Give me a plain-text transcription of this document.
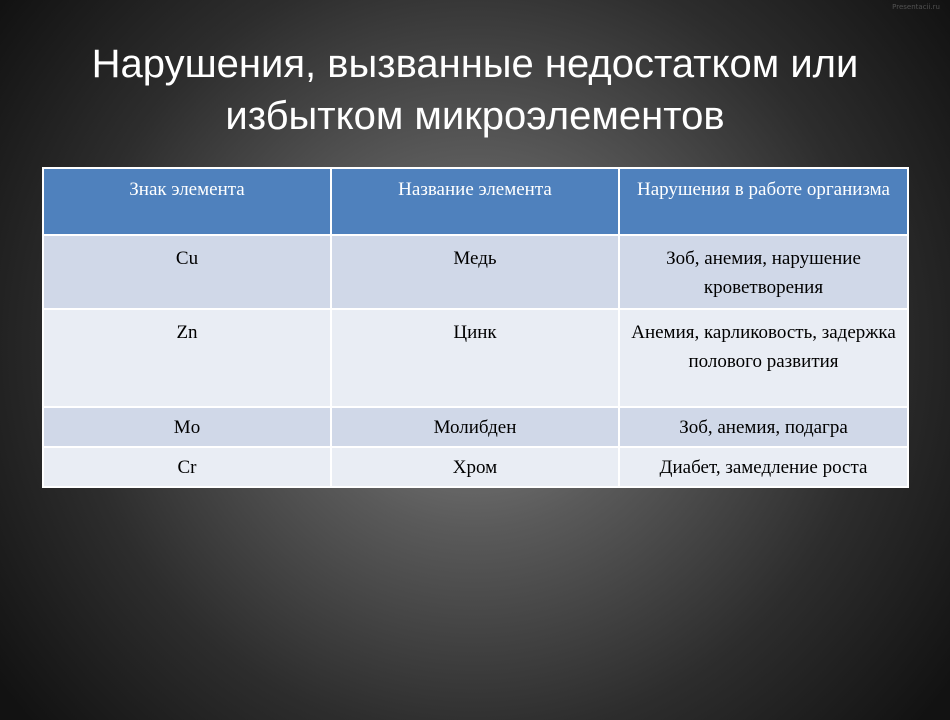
Presentacii.ru
Нарушения, вызванные недостатком или
избытком микроэлементов
Знак элемента	Название элемента	Нарушения в работе организма
Cu	Медь	Зоб, анемия, нарушение кроветворения
Zn	Цинк	Анемия, карликовость, задержка полового развития
Mo	Молибден	Зоб, анемия, подагра
Cr	Хром	Диабет, замедление роста
